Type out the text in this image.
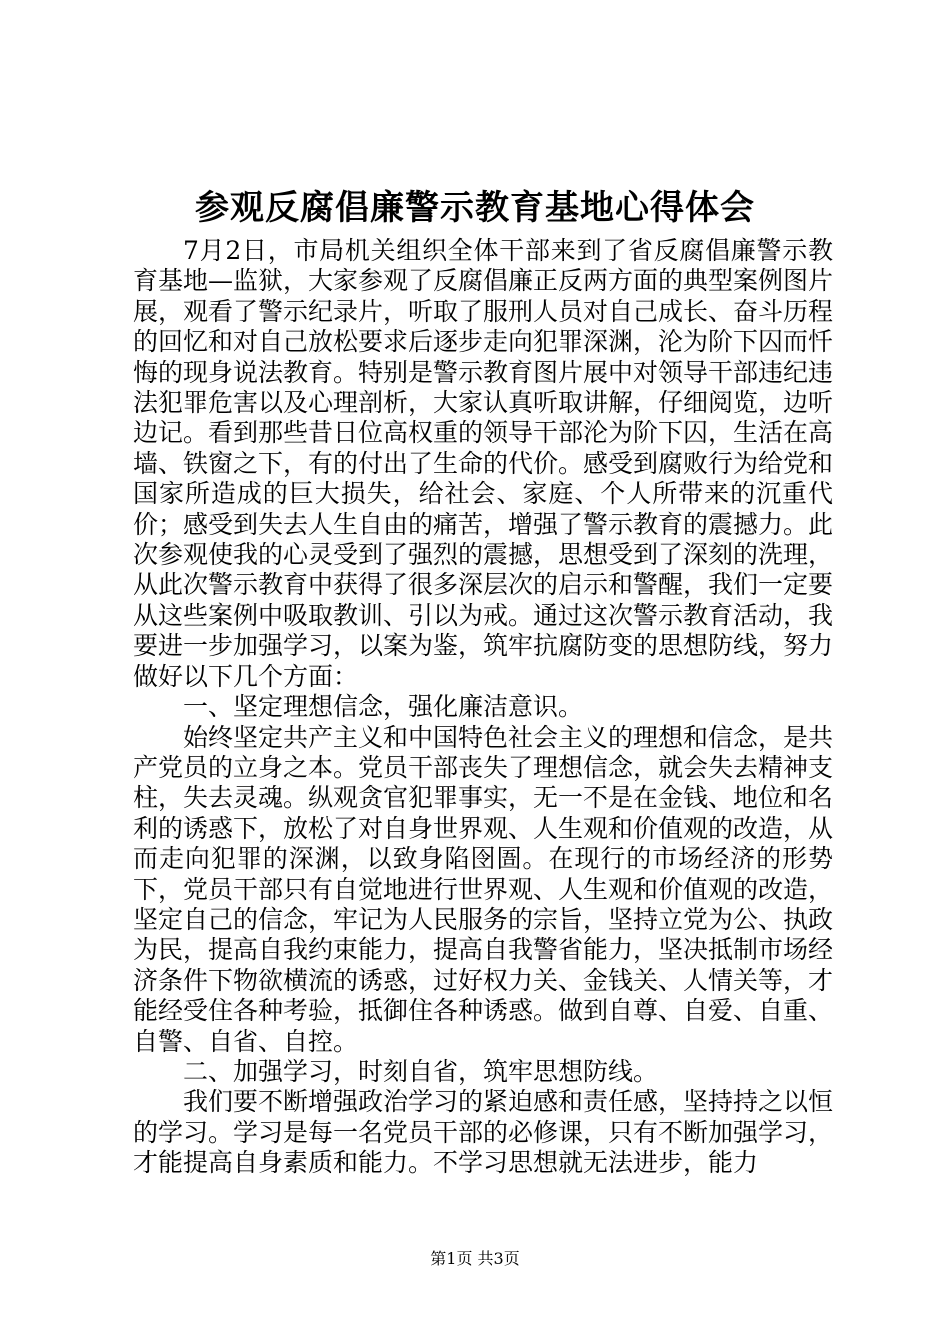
参观反腐倡廉警示教育基地心得体会

7月2日，市局机关组织全体干部来到了省反腐倡廉警示教育基地—监狱，大家参观了反腐倡廉正反两方面的典型案例图片展，观看了警示纪录片，听取了服刑人员对自己成长、奋斗历程的回忆和对自己放松要求后逐步走向犯罪深渊，沦为阶下囚而忏悔的现身说法教育。特别是警示教育图片展中对领导干部违纪违法犯罪危害以及心理剖析，大家认真听取讲解，仔细阅览，边听边记。看到那些昔日位高权重的领导干部沦为阶下囚，生活在高墙、铁窗之下，有的付出了生命的代价。感受到腐败行为给党和国家所造成的巨大损失，给社会、家庭、个人所带来的沉重代价；感受到失去人生自由的痛苦，增强了警示教育的震撼力。此次参观使我的心灵受到了强烈的震撼，思想受到了深刻的洗理，从此次警示教育中获得了很多深层次的启示和警醒，我们一定要从这些案例中吸取教训、引以为戒。通过这次警示教育活动，我要进一步加强学习，以案为鉴，筑牢抗腐防变的思想防线，努力做好以下几个方面：

一、坚定理想信念，强化廉洁意识。

始终坚定共产主义和中国特色社会主义的理想和信念，是共产党员的立身之本。党员干部丧失了理想信念，就会失去精神支柱，失去灵魂。纵观贪官犯罪事实，无一不是在金钱、地位和名利的诱惑下，放松了对自身世界观、人生观和价值观的改造，从而走向犯罪的深渊，以致身陷囹圄。在现行的市场经济的形势下，党员干部只有自觉地进行世界观、人生观和价值观的改造，坚定自己的信念，牢记为人民服务的宗旨，坚持立党为公、执政为民，提高自我约束能力，提高自我警省能力，坚决抵制市场经济条件下物欲横流的诱惑，过好权力关、金钱关、人情关等，才能经受住各种考验，抵御住各种诱惑。做到自尊、自爱、自重、自警、自省、自控。

二、加强学习，时刻自省，筑牢思想防线。

我们要不断增强政治学习的紧迫感和责任感，坚持持之以恒的学习。学习是每一名党员干部的必修课，只有不断加强学习，才能提高自身素质和能力。不学习思想就无法进步，能力

第1页 共3页
